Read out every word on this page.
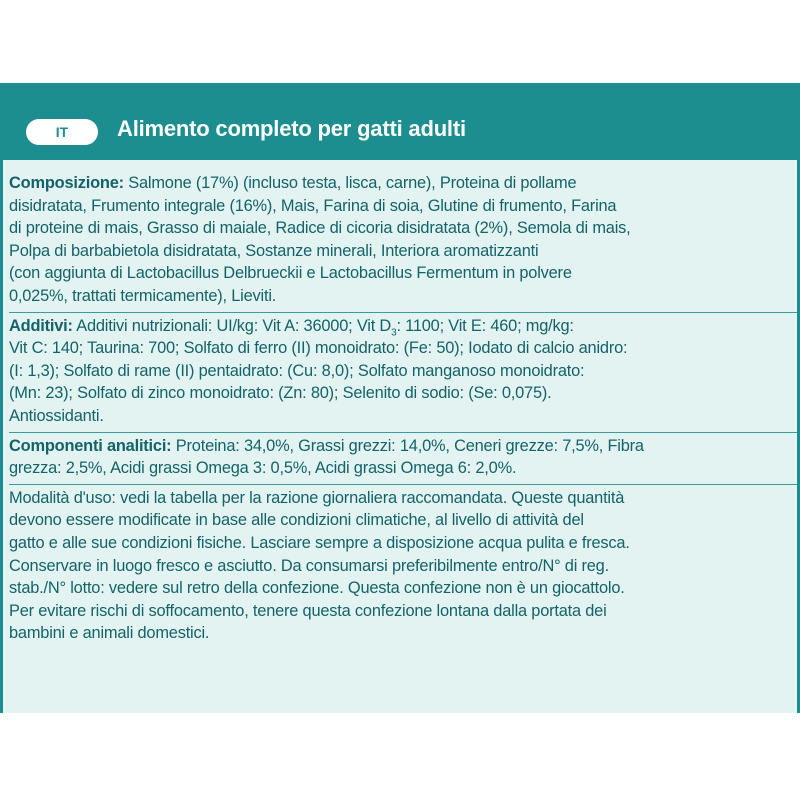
IT	Alimento completo per gatti adulti

Composizione: Salmone (17%) (incluso testa, lisca, carne), Proteina di pollame
disidratata, Frumento integrale (16%), Mais, Farina di soia, Glutine di frumento, Farina
di proteine di mais, Grasso di maiale, Radice di cicoria disidratata (2%), Semola di mais,
Polpa di barbabietola disidratata, Sostanze minerali, Interiora aromatizzanti
(con aggiunta di Lactobacillus Delbrueckii e Lactobacillus Fermentum in polvere
0,025%, trattati termicamente), Lieviti.

Additivi: Additivi nutrizionali: UI/kg: Vit A: 36000; Vit $D_3$: 1100; Vit E: 460; mg/kg:
Vit C: 140; Taurina: 700; Solfato di ferro (II) monoidrato: (Fe: 50); Iodato di calcio anidro:
(I: 1,3); Solfato di rame (II) pentaidrato: (Cu: 8,0); Solfato manganoso monoidrato:
(Mn: 23); Solfato di zinco monoidrato: (Zn: 80); Selenito di sodio: (Se: 0,075).
Antiossidanti.

Componenti analitici: Proteina: 34,0%, Grassi grezzi: 14,0%, Ceneri grezze: 7,5%, Fibra
grezza: 2,5%, Acidi grassi Omega 3: 0,5%, Acidi grassi Omega 6: 2,0%.

Modalità d'uso: vedi la tabella per la razione giornaliera raccomandata. Queste quantità
devono essere modificate in base alle condizioni climatiche, al livello di attività del
gatto e alle sue condizioni fisiche. Lasciare sempre a disposizione acqua pulita e fresca.
Conservare in luogo fresco e asciutto. Da consumarsi preferibilmente entro/N° di reg.
stab./N° lotto: vedere sul retro della confezione. Questa confezione non è un giocattolo.
Per evitare rischi di soffocamento, tenere questa confezione lontana dalla portata dei
bambini e animali domestici.
